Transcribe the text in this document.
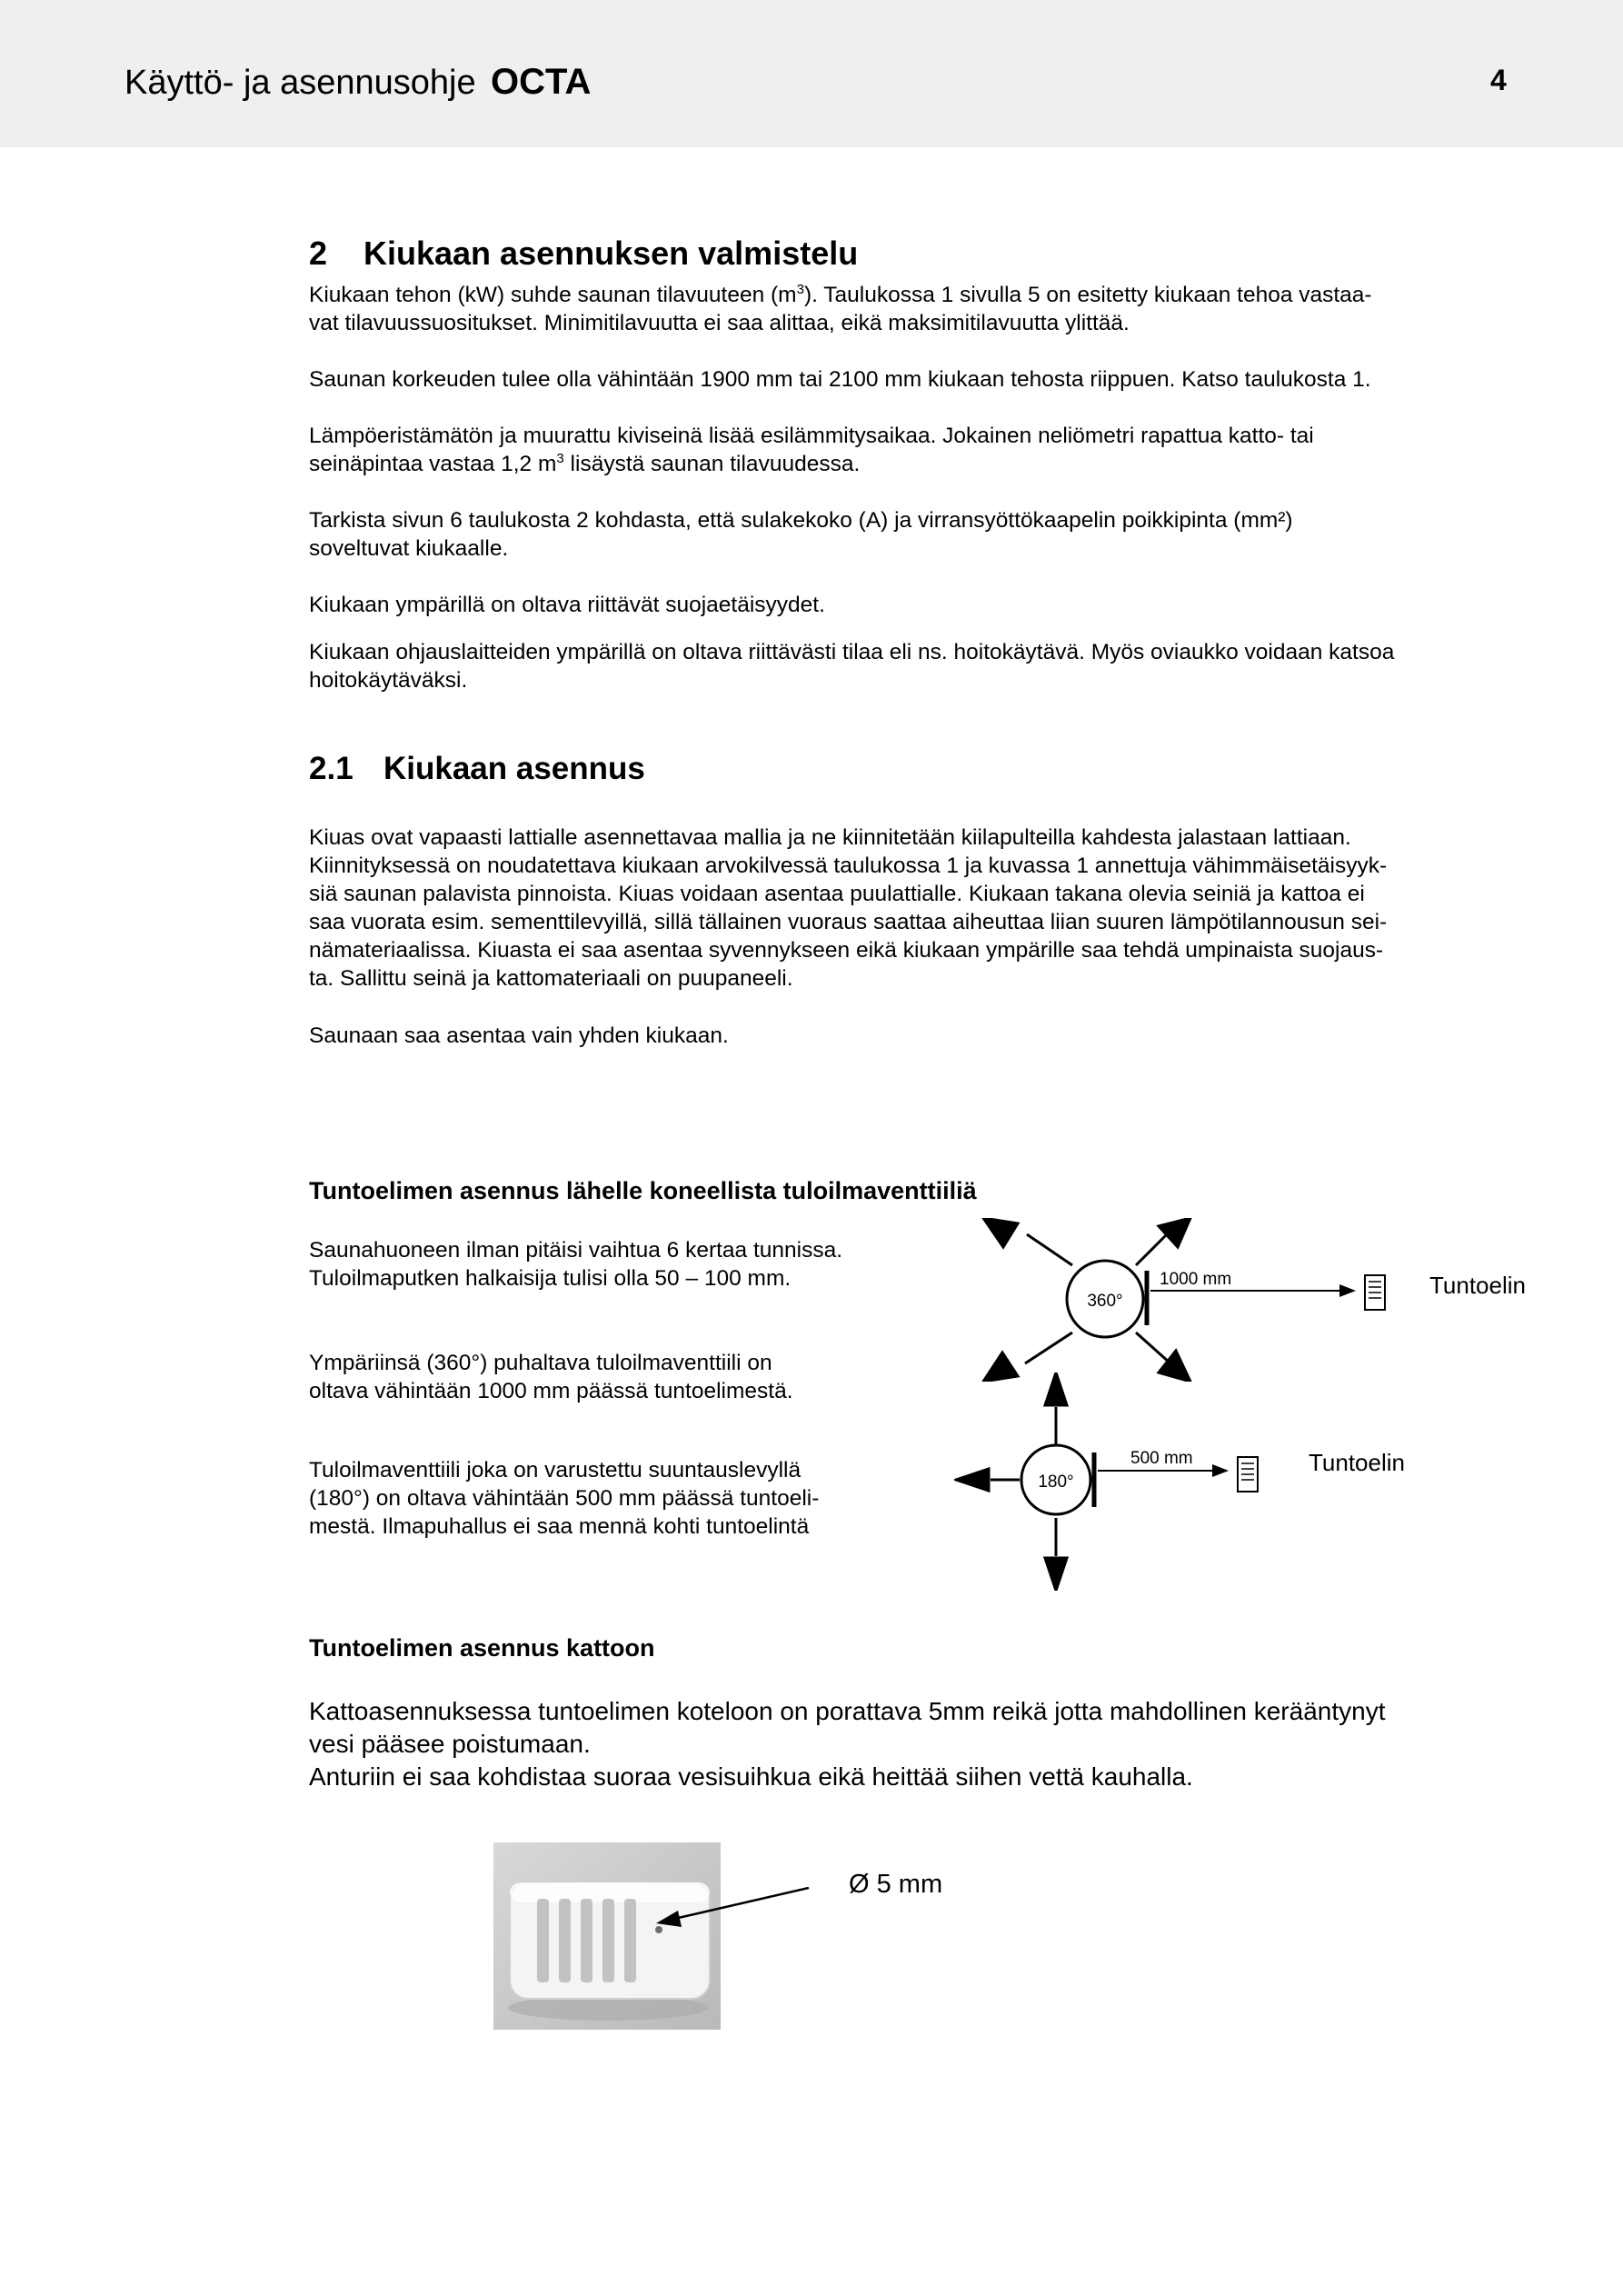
Käyttö- ja asennusohje OCTA	4
2 Kiukaan asennuksen valmistelu
Kiukaan tehon (kW) suhde saunan tilavuuteen $(m^3)$. Taulukossa 1 sivulla 5 on esitetty kiukaan tehoa vastaa-
vat tilavuussuositukset. Minimitilavuutta ei saa alittaa, eikä maksimitilavuutta ylittää.
Saunan korkeuden tulee olla vähintään 1900 mm tai 2100 mm kiukaan tehosta riippuen. Katso taulukosta 1.
Lämpöeristämätön ja muurattu kiviseinä lisää esilämmitysaikaa. Jokainen neliömetri rapattua katto- tai
seinäpintaa vastaa 1,2 $m^3$ lisäystä saunan tilavuudessa.
Tarkista sivun 6 taulukosta 2 kohdasta, että sulakekoko (A) ja virransyöttökaapelin poikkipinta (mm²)
soveltuvat kiukaalle.
Kiukaan ympärillä on oltava riittävät suojaetäisyydet.
Kiukaan ohjauslaitteiden ympärillä on oltava riittävästi tilaa eli ns. hoitokäytävä. Myös oviaukko voidaan katsoa
hoitokäytäväksi.
2.1 Kiukaan asennus
Kiuas ovat vapaasti lattialle asennettavaa mallia ja ne kiinnitetään kiilapulteilla kahdesta jalastaan lattiaan.
Kiinnityksessä on noudatettava kiukaan arvokilvessä taulukossa 1 ja kuvassa 1 annettuja vähimmäisetäisyyk-
siä saunan palavista pinnoista. Kiuas voidaan asentaa puulattialle. Kiukaan takana olevia seiniä ja kattoa ei
saa vuorata esim. sementtilevyillä, sillä tällainen vuoraus saattaa aiheuttaa liian suuren lämpötilannousun sei-
nämateriaalissa. Kiuasta ei saa asentaa syvennykseen eikä kiukaan ympärille saa tehdä umpinaista suojaus-
ta. Sallittu seinä ja kattomateriaali on puupaneeli.
Saunaan saa asentaa vain yhden kiukaan.
Tuntoelimen asennus lähelle koneellista tuloilmaventtiiliä
Saunahuoneen ilman pitäisi vaihtua 6 kertaa tunnissa.
Tuloilmaputken halkaisija tulisi olla 50 – 100 mm.
Ympäriinsä (360°) puhaltava tuloilmaventtiili on
oltava vähintään 1000 mm päässä tuntoelimestä.
Tuloilmaventtiili joka on varustettu suuntauslevyllä
(180°) on oltava vähintään 500 mm päässä tuntoeli-
mestä. Ilmapuhallus ei saa mennä kohti tuntoelintä
360°
1000 mm	Tuntoelin
180°
500 mm	Tuntoelin
Tuntoelimen asennus kattoon
Kattoasennuksessa tuntoelimen koteloon on porattava 5mm reikä jotta mahdollinen kerääntynyt
vesi pääsee poistumaan.
Anturiin ei saa kohdistaa suoraa vesisuihkua eikä heittää siihen vettä kauhalla.
Ø 5 mm
